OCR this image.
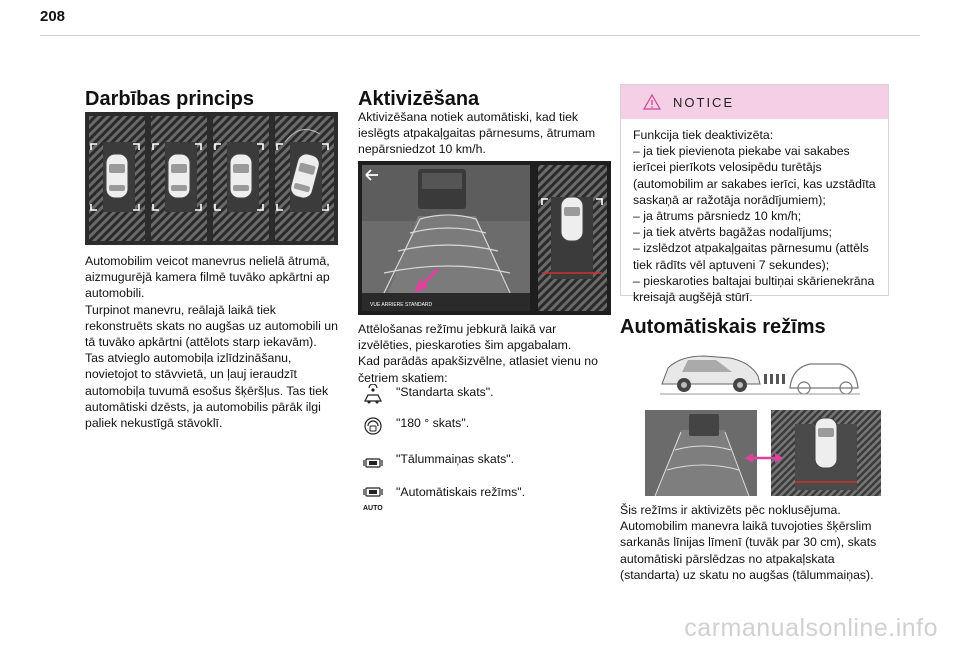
208
Darbības princips

Automobilim veicot manevrus nelielā ātrumā, aizmugurējā kamera filmē tuvāko apkārtni ap automobili.

Turpinot manevru, reālajā laikā tiek rekonstruēts skats no augšas uz automobili un tā tuvāko apkārtni (attēlots starp iekavām).

Tas atvieglo automobiļa izlīdzināšanu, novietojot to stāvvietā, un ļauj ieraudzīt automobiļa tuvumā esošus šķēršļus. Tas tiek automātiski dzēsts, ja automobilis pārāk ilgi paliek nekustīgā stāvoklī.

Aktivizēšana
Aktivizēšana notiek automātiski, kad tiek ieslēgts atpakaļgaitas pārnesums, ātrumam nepārsniedzot 10 km/h.
VUE ARRIERE STANDARD

Attēlošanas režīmu jebkurā laikā var izvēlēties, pieskaroties šim apgabalam.

Kad parādās apakšizvēlne, atlasiet vienu no četriem skatiem:

"Standarta skats".
"180 ° skats".
"Tālummaiņas skats".
AUTO
"Automātiskais režīms".
NOTICE

Funkcija tiek deaktivizēta:

– ja tiek pievienota piekabe vai sakabes ierīcei pierīkots velosipēdu turētājs (automobilim ar sakabes ierīci, kas uzstādīta saskaņā ar ražotāja norādījumiem);

– ja ātrums pārsniedz 10 km/h;

– ja tiek atvērts bagāžas nodalījums;

– izslēdzot atpakaļgaitas pārnesumu (attēls tiek rādīts vēl aptuveni 7 sekundes);

– pieskaroties baltajai bultiņai skārienekrāna kreisajā augšējā stūrī.

Automātiskais režīms

Šis režīms ir aktivizēts pēc noklusējuma.

Automobilim manevra laikā tuvojoties šķērslim sarkanās līnijas līmenī (tuvāk par 30 cm), skats automātiski pārslēdzas no atpakaļskata (standarta) uz skatu no augšas (tālummaiņas).

carmanualsonline.info
